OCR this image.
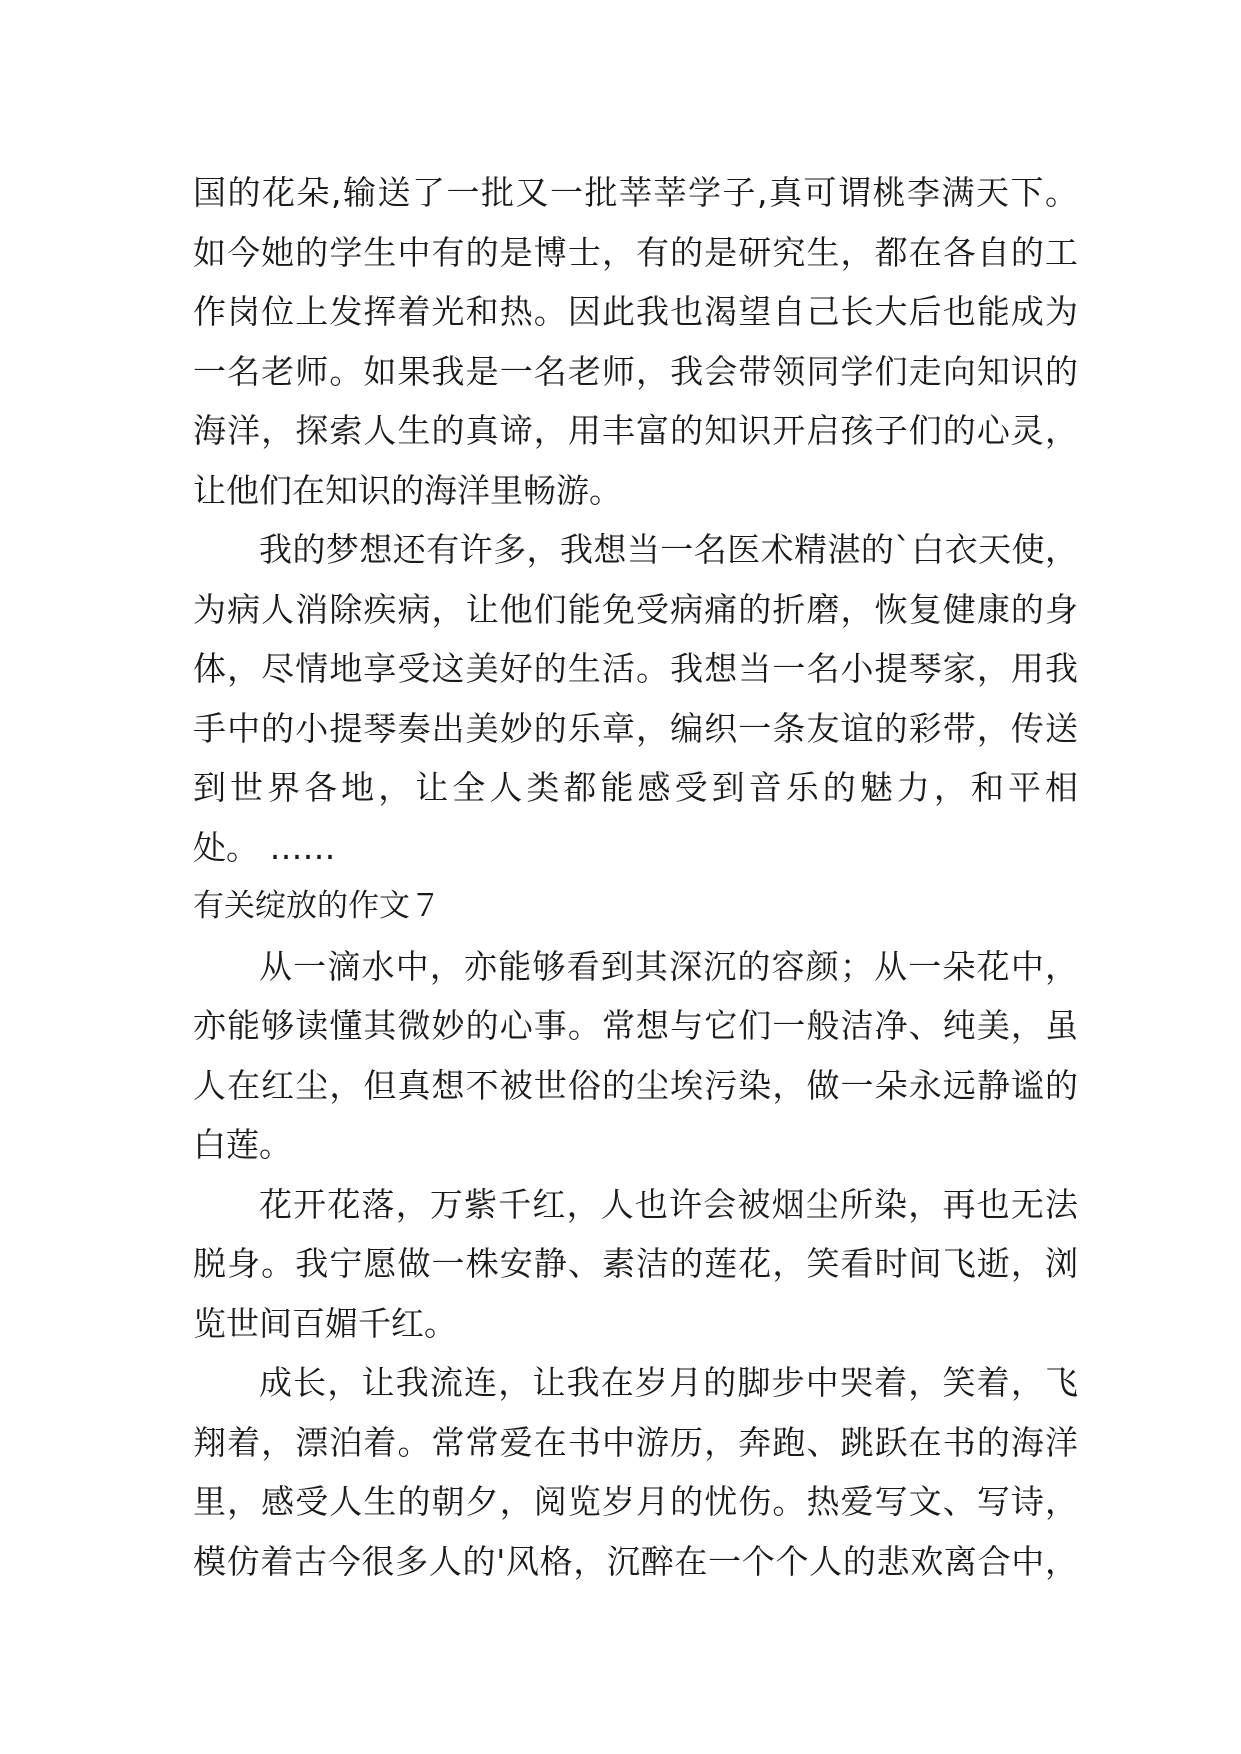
国的花朵,输送了一批又一批莘莘学子,真可谓桃李满天下。
如今她的学生中有的是博士，有的是研究生，都在各自的工
作岗位上发挥着光和热。因此我也渴望自己长大后也能成为
一名老师。如果我是一名老师，我会带领同学们走向知识的
海洋，探索人生的真谛，用丰富的知识开启孩子们的心灵，
让他们在知识的海洋里畅游。
我的梦想还有许多，我想当一名医术精湛的`白衣天使，
为病人消除疾病，让他们能免受病痛的折磨，恢复健康的身
体，尽情地享受这美好的生活。我想当一名小提琴家，用我
手中的小提琴奏出美妙的乐章，编织一条友谊的彩带，传送
到世界各地，让全人类都能感受到音乐的魅力，和平相
处。 ……
有关绽放的作文７
从一滴水中，亦能够看到其深沉的容颜；从一朵花中，
亦能够读懂其微妙的心事。常想与它们一般洁净、纯美，虽
人在红尘，但真想不被世俗的尘埃污染，做一朵永远静谧的
白莲。
花开花落，万紫千红，人也许会被烟尘所染，再也无法
脱身。我宁愿做一株安静、素洁的莲花，笑看时间飞逝，浏
览世间百媚千红。
成长，让我流连，让我在岁月的脚步中哭着，笑着，飞
翔着，漂泊着。常常爱在书中游历，奔跑、跳跃在书的海洋
里，感受人生的朝夕，阅览岁月的忧伤。热爱写文、写诗，
模仿着古今很多人的'风格，沉醉在一个个人的悲欢离合中，
